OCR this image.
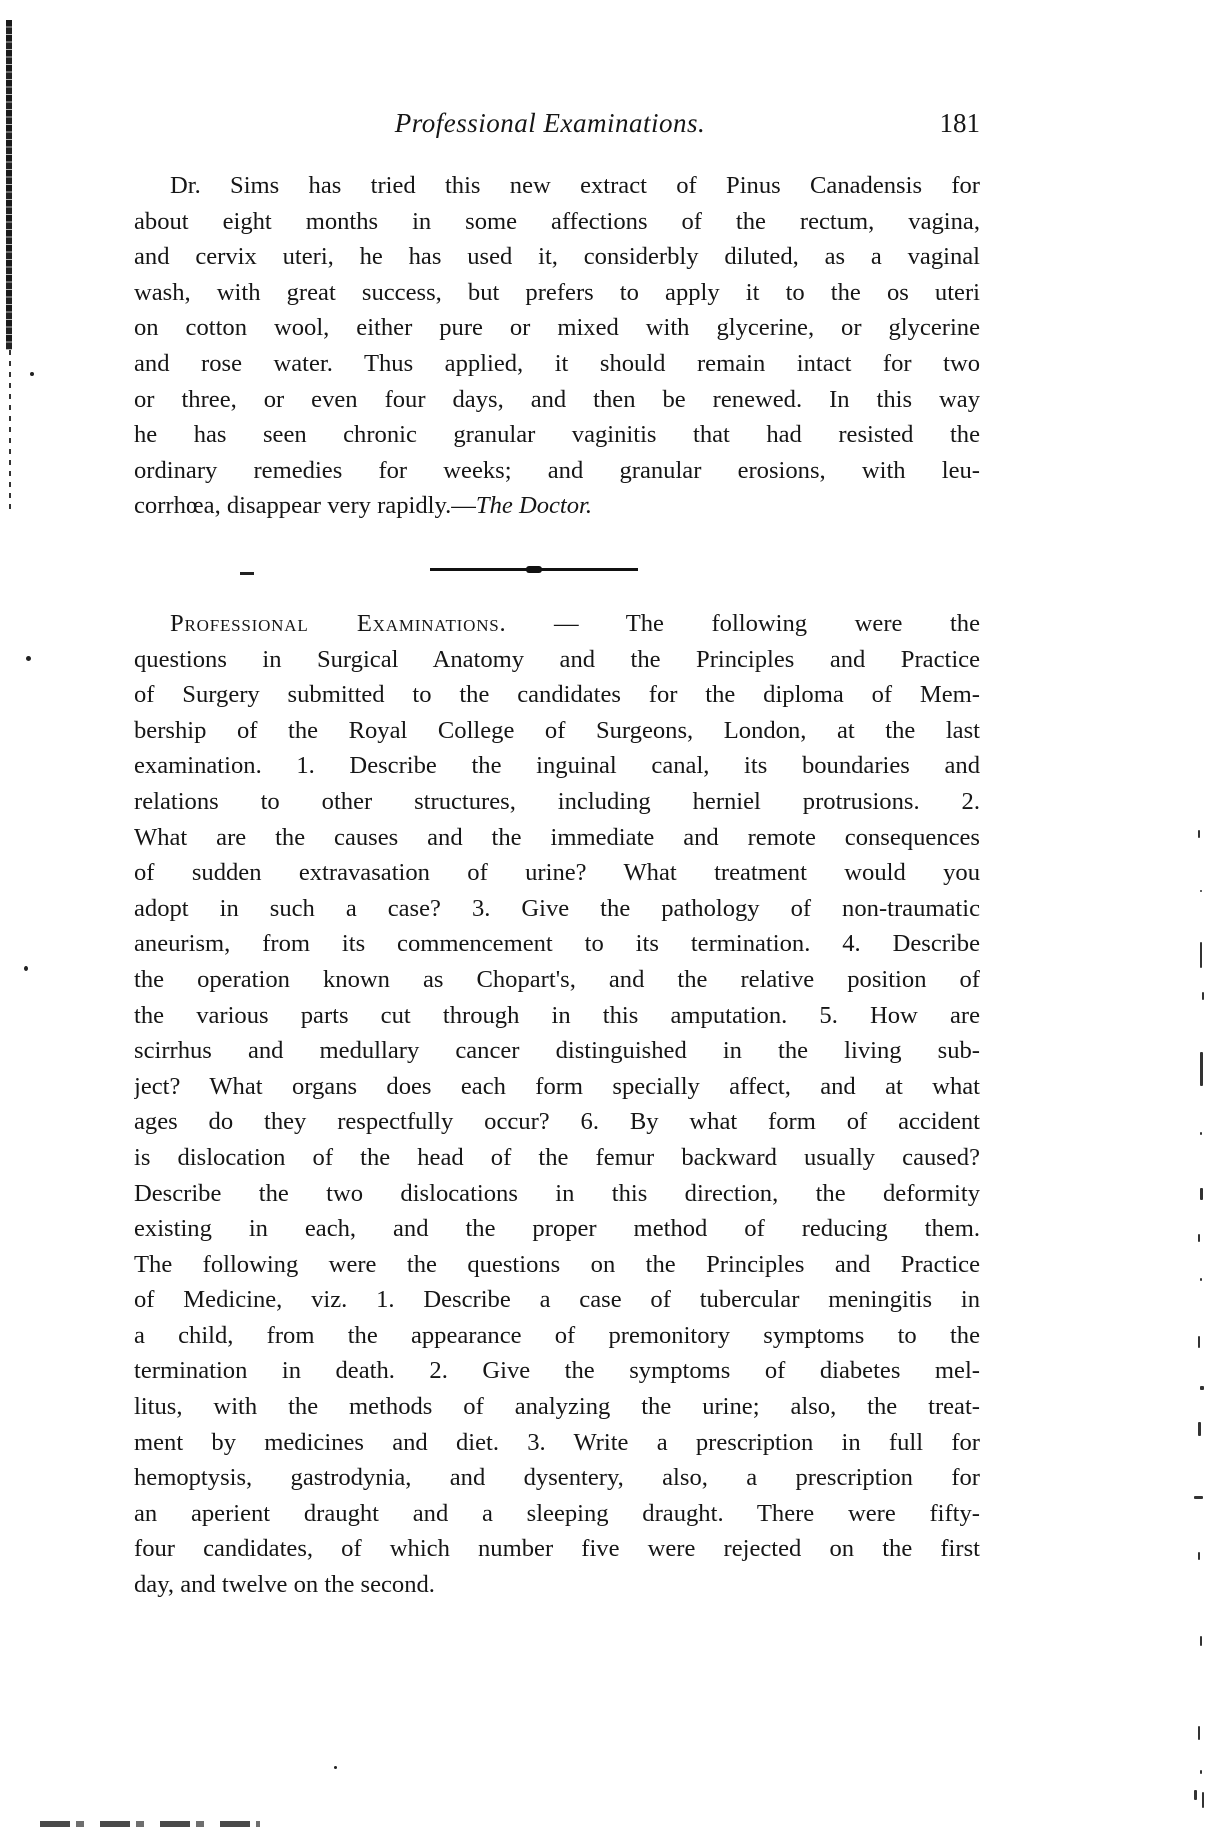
Professional Examinations.	181
Dr. Sims has tried this new extract of Pinus Canadensis for
about eight months in some affections of the rectum, vagina,
and cervix uteri, he has used it, considerbly diluted, as a vaginal
wash, with great success, but prefers to apply it to the os uteri
on cotton wool, either pure or mixed with glycerine, or glycerine
and rose water. Thus applied, it should remain intact for two
or three, or even four days, and then be renewed. In this way
he has seen chronic granular vaginitis that had resisted the
ordinary remedies for weeks; and granular erosions, with leu-
corrhœa, disappear very rapidly.—The Doctor.
Professional Examinations. — The following were the
questions in Surgical Anatomy and the Principles and Practice
of Surgery submitted to the candidates for the diploma of Mem-
bership of the Royal College of Surgeons, London, at the last
examination. 1. Describe the inguinal canal, its boundaries and
relations to other structures, including herniel protrusions. 2.
What are the causes and the immediate and remote consequences
of sudden extravasation of urine? What treatment would you
adopt in such a case? 3. Give the pathology of non-traumatic
aneurism, from its commencement to its termination. 4. Describe
the operation known as Chopart's, and the relative position of
the various parts cut through in this amputation. 5. How are
scirrhus and medullary cancer distinguished in the living sub-
ject? What organs does each form specially affect, and at what
ages do they respectfully occur? 6. By what form of accident
is dislocation of the head of the femur backward usually caused?
Describe the two dislocations in this direction, the deformity
existing in each, and the proper method of reducing them.
The following were the questions on the Principles and Practice
of Medicine, viz. 1. Describe a case of tubercular meningitis in
a child, from the appearance of premonitory symptoms to the
termination in death. 2. Give the symptoms of diabetes mel-
litus, with the methods of analyzing the urine; also, the treat-
ment by medicines and diet. 3. Write a prescription in full for
hemoptysis, gastrodynia, and dysentery, also, a prescription for
an aperient draught and a sleeping draught. There were fifty-
four candidates, of which number five were rejected on the first
day, and twelve on the second.
